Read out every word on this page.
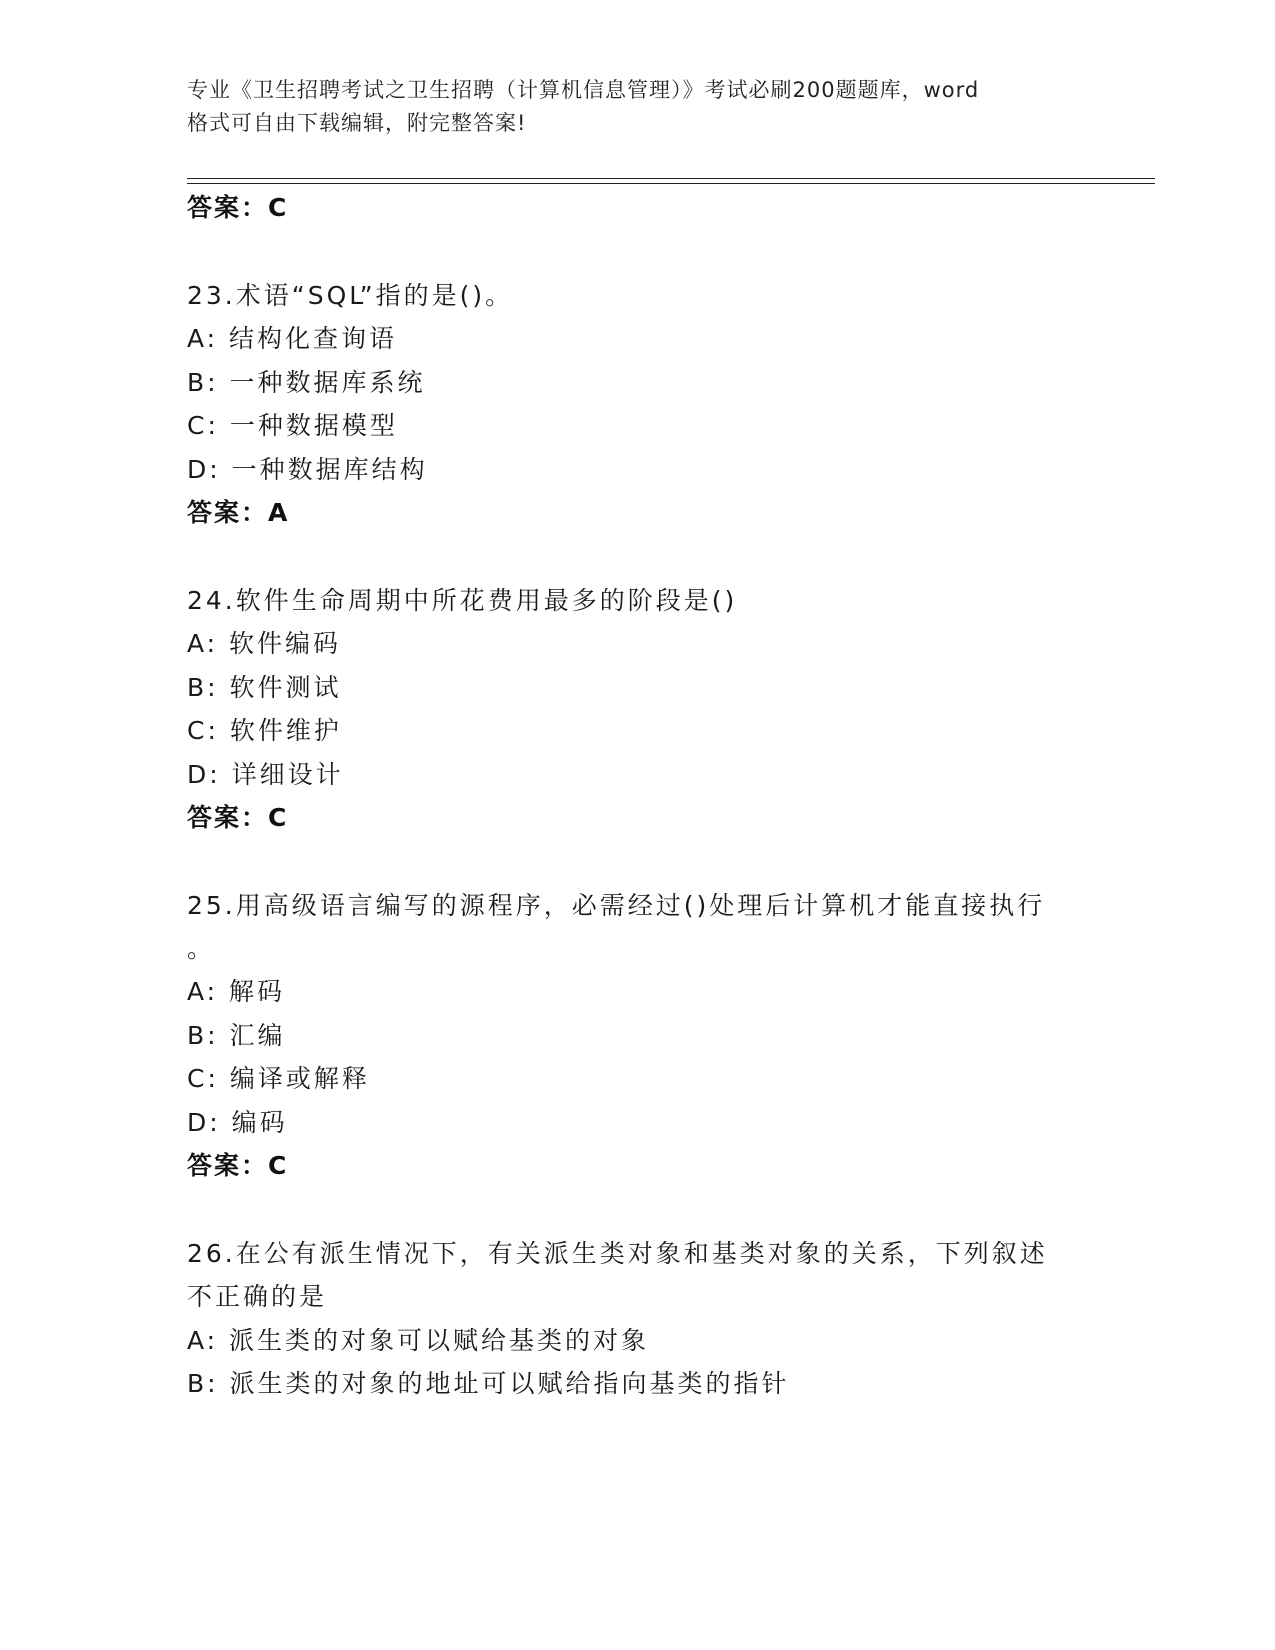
专业《卫生招聘考试之卫生招聘（计算机信息管理）》考试必刷200题题库，word
格式可自由下载编辑，附完整答案!
答案：C
23.术语“SQL”指的是()。
A: 结构化查询语
B: 一种数据库系统
C: 一种数据模型
D: 一种数据库结构
答案：A
24.软件生命周期中所花费用最多的阶段是()
A: 软件编码
B: 软件测试
C: 软件维护
D: 详细设计
答案：C
25.用高级语言编写的源程序，必需经过()处理后计算机才能直接执行
。
A: 解码
B: 汇编
C: 编译或解释
D: 编码
答案：C
26.在公有派生情况下，有关派生类对象和基类对象的关系，下列叙述
不正确的是
A: 派生类的对象可以赋给基类的对象
B: 派生类的对象的地址可以赋给指向基类的指针
